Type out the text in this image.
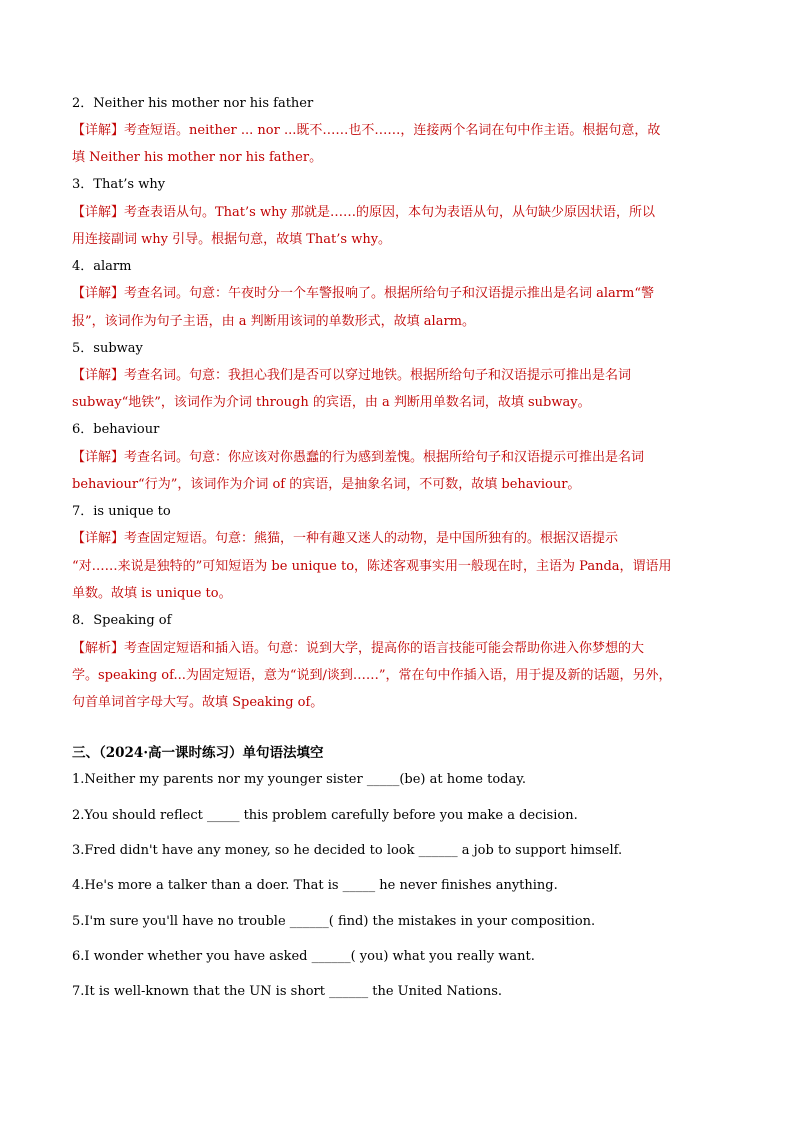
2．Neither his mother nor his father
【详解】考查短语。neither ... nor ...既不……也不……，连接两个名词在句中作主语。根据句意，故
填 Neither his mother nor his father。
3．That’s why
【详解】考查表语从句。That’s why 那就是……的原因，本句为表语从句，从句缺少原因状语，所以
用连接副词 why 引导。根据句意，故填 That’s why。
4．alarm
【详解】考查名词。句意：午夜时分一个车警报响了。根据所给句子和汉语提示推出是名词 alarm“警
报”，该词作为句子主语，由 a 判断用该词的单数形式，故填 alarm。
5．subway
【详解】考查名词。句意：我担心我们是否可以穿过地铁。根据所给句子和汉语提示可推出是名词
subway“地铁”，该词作为介词 through 的宾语，由 a 判断用单数名词，故填 subway。
6．behaviour
【详解】考查名词。句意：你应该对你愚蠢的行为感到羞愧。根据所给句子和汉语提示可推出是名词
behaviour“行为”，该词作为介词 of 的宾语，是抽象名词，不可数，故填 behaviour。
7．is unique to
【详解】考查固定短语。句意：熊猫，一种有趣又迷人的动物，是中国所独有的。根据汉语提示
“对……来说是独特的”可知短语为 be unique to，陈述客观事实用一般现在时，主语为 Panda，谓语用
单数。故填 is unique to。
8．Speaking of
【解析】考查固定短语和插入语。句意：说到大学，提高你的语言技能可能会帮助你进入你梦想的大
学。speaking of...为固定短语，意为“说到/谈到……”，常在句中作插入语，用于提及新的话题，另外，
句首单词首字母大写。故填 Speaking of。
三、（2024·高一课时练习）单句语法填空
1.Neither my parents nor my younger sister _____(be) at home today.
2.You should reflect _____ this problem carefully before you make a decision.
3.Fred didn't have any money, so he decided to look ______ a job to support himself.
4.He's more a talker than a doer. That is _____ he never finishes anything.
5.I'm sure you'll have no trouble ______( find) the mistakes in your composition.
6.I wonder whether you have asked ______( you) what you really want.
7.It is well-known that the UN is short ______ the United Nations.
